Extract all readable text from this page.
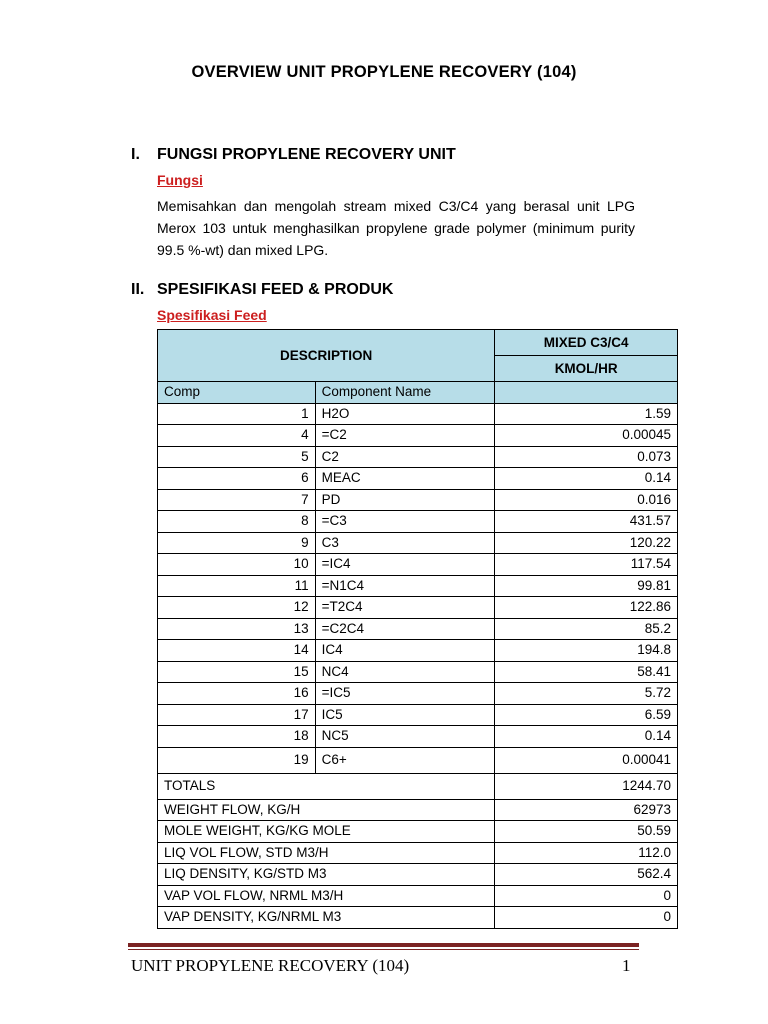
OVERVIEW UNIT PROPYLENE RECOVERY (104)
I. FUNGSI PROPYLENE RECOVERY UNIT
Fungsi
Memisahkan dan mengolah stream mixed C3/C4 yang berasal unit LPG Merox 103 untuk menghasilkan propylene grade polymer (minimum purity 99.5 %-wt) dan mixed LPG.
II. SPESIFIKASI FEED & PRODUK
Spesifikasi Feed
DESCRIPTION		MIXED C3/C4
		KMOL/HR
Comp	Component Name	
1	H2O	1.59
4	=C2	0.00045
5	C2	0.073
6	MEAC	0.14
7	PD	0.016
8	=C3	431.57
9	C3	120.22
10	=IC4	117.54
11	=N1C4	99.81
12	=T2C4	122.86
13	=C2C4	85.2
14	IC4	194.8
15	NC4	58.41
16	=IC5	5.72
17	IC5	6.59
18	NC5	0.14
19	C6+	0.00041
TOTALS		1244.70
WEIGHT FLOW, KG/H		62973
MOLE WEIGHT, KG/KG MOLE		50.59
LIQ VOL FLOW, STD M3/H		112.0
LIQ DENSITY, KG/STD M3		562.4
VAP VOL FLOW, NRML M3/H		0
VAP DENSITY, KG/NRML M3		0
UNIT PROPYLENE RECOVERY (104)	1
